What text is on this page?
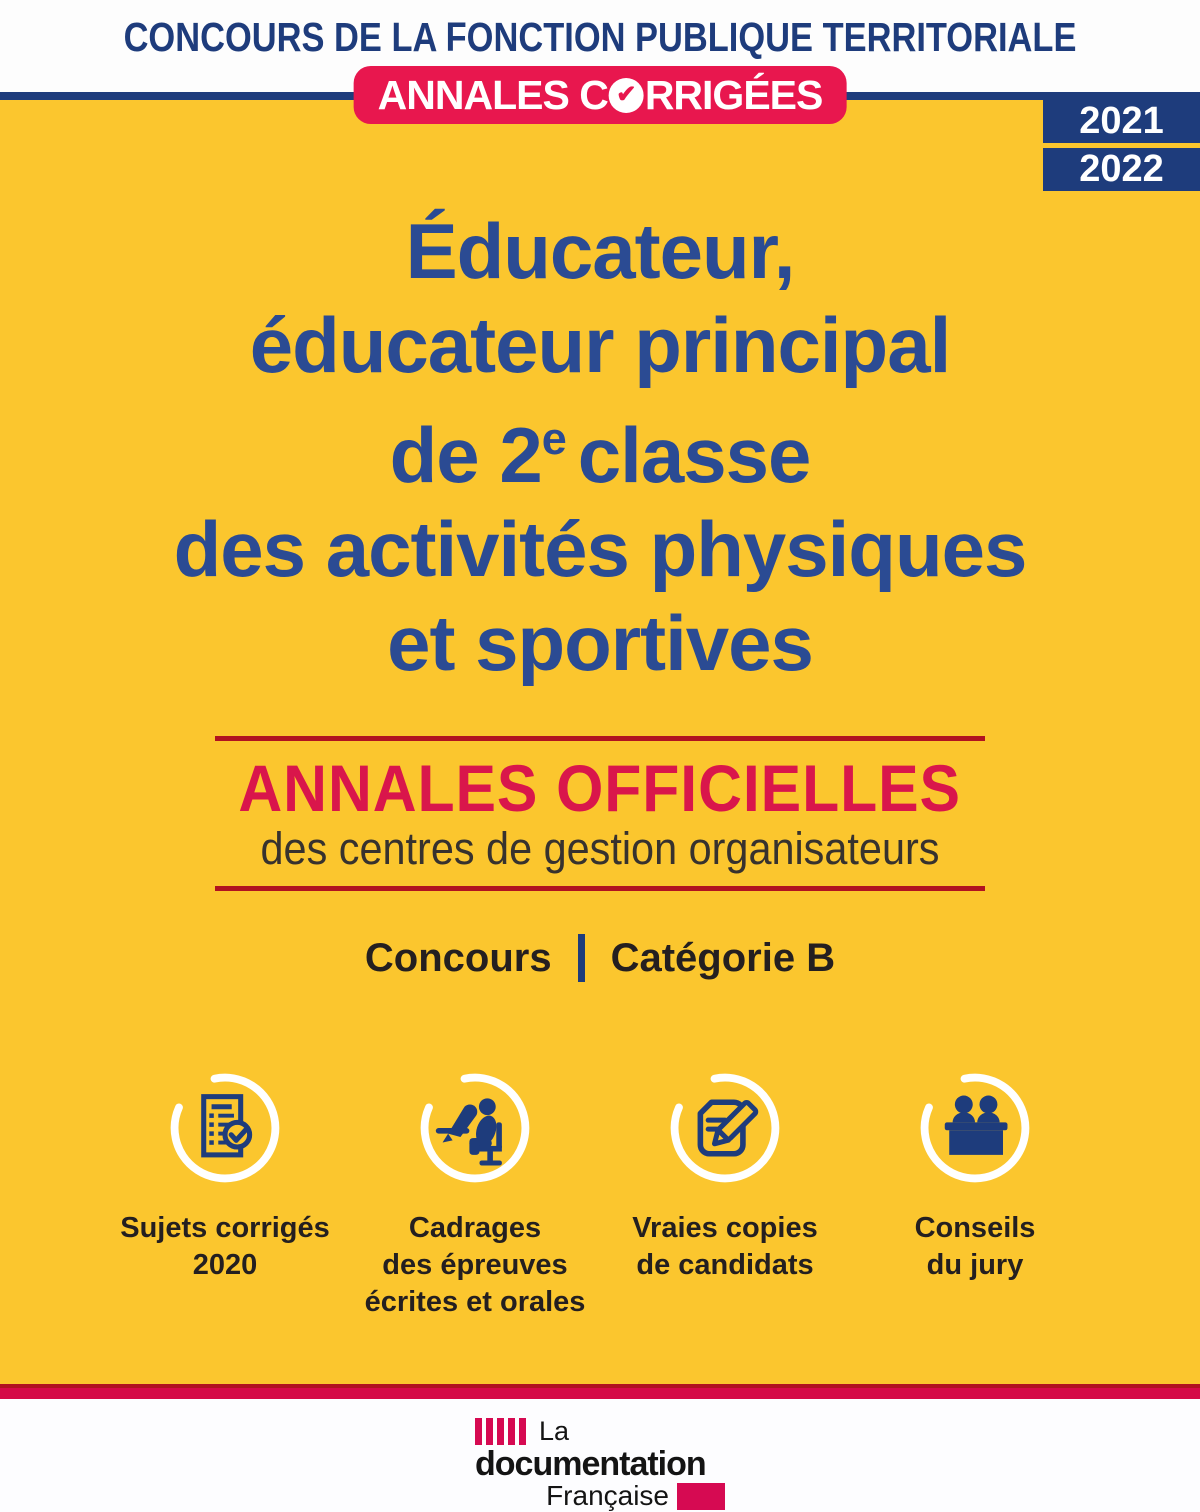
CONCOURS DE LA FONCTION PUBLIQUE TERRITORIALE
ANNALES C ✔ RRIGÉES
2021
2022
Éducateur,
éducateur principal
de 2e classe
des activités physiques
et sportives
ANNALES OFFICIELLES
des centres de gestion organisateurs
Concours Catégorie B
Sujets corrigés
2020
Cadrages
des épreuves
écrites et orales
Vraies copies
de candidats
Conseils
du jury
La
documentation
Française
